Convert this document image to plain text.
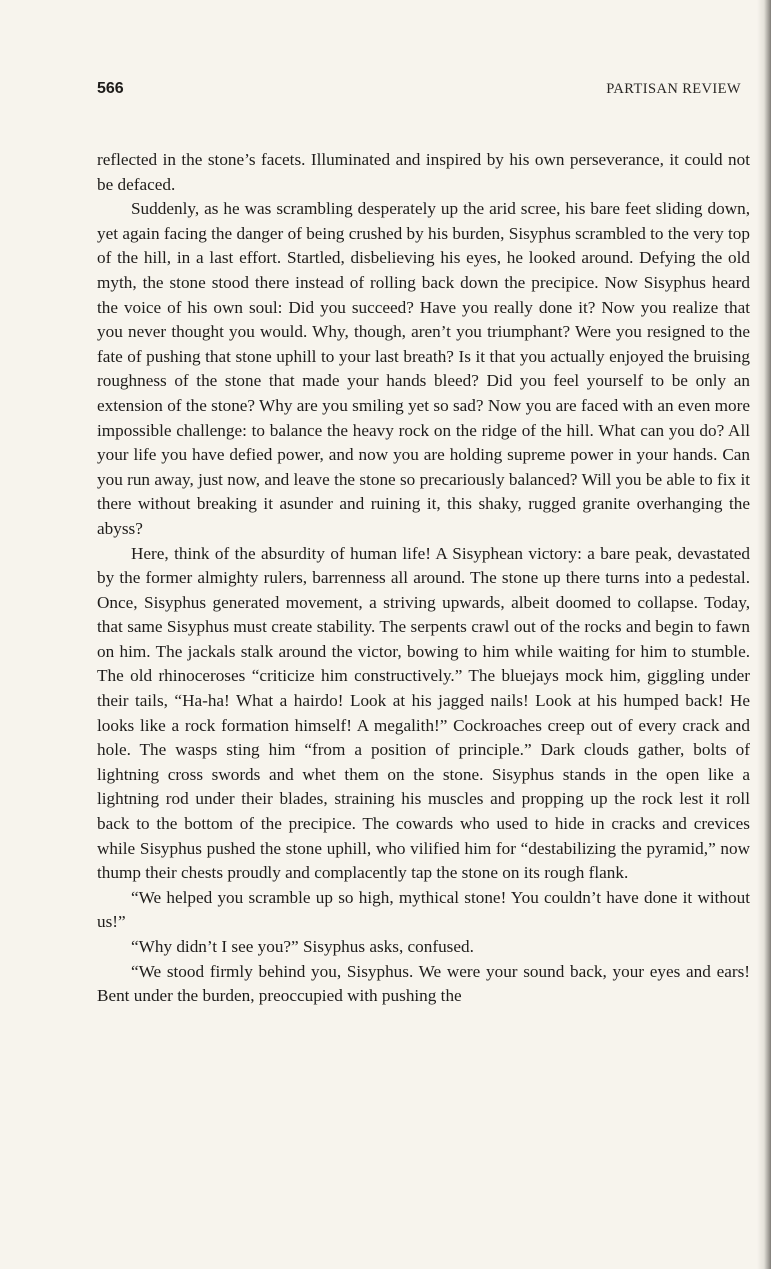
566	PARTISAN REVIEW

reflected in the stone’s facets. Illuminated and inspired by his own perseverance, it could not be defaced.

Suddenly, as he was scrambling desperately up the arid scree, his bare feet sliding down, yet again facing the danger of being crushed by his burden, Sisyphus scrambled to the very top of the hill, in a last effort. Startled, disbelieving his eyes, he looked around. Defying the old myth, the stone stood there instead of rolling back down the precipice. Now Sisyphus heard the voice of his own soul: Did you succeed? Have you really done it? Now you realize that you never thought you would. Why, though, aren’t you triumphant? Were you resigned to the fate of pushing that stone uphill to your last breath? Is it that you actually enjoyed the bruising roughness of the stone that made your hands bleed? Did you feel yourself to be only an extension of the stone? Why are you smiling yet so sad? Now you are faced with an even more impossible challenge: to balance the heavy rock on the ridge of the hill. What can you do? All your life you have defied power, and now you are holding supreme power in your hands. Can you run away, just now, and leave the stone so precariously balanced? Will you be able to fix it there without breaking it asunder and ruining it, this shaky, rugged granite overhanging the abyss?

Here, think of the absurdity of human life! A Sisyphean victory: a bare peak, devastated by the former almighty rulers, barrenness all around. The stone up there turns into a pedestal. Once, Sisyphus generated movement, a striving upwards, albeit doomed to collapse. Today, that same Sisyphus must create stability. The serpents crawl out of the rocks and begin to fawn on him. The jackals stalk around the victor, bowing to him while waiting for him to stumble. The old rhinoceroses “criticize him constructively.” The bluejays mock him, giggling under their tails, “Ha-ha! What a hairdo! Look at his jagged nails! Look at his humped back! He looks like a rock formation himself! A megalith!” Cockroaches creep out of every crack and hole. The wasps sting him “from a position of principle.” Dark clouds gather, bolts of lightning cross swords and whet them on the stone. Sisyphus stands in the open like a lightning rod under their blades, straining his muscles and propping up the rock lest it roll back to the bottom of the precipice. The cowards who used to hide in cracks and crevices while Sisyphus pushed the stone uphill, who vilified him for “destabilizing the pyramid,” now thump their chests proudly and complacently tap the stone on its rough flank.

“We helped you scramble up so high, mythical stone! You couldn’t have done it without us!”

“Why didn’t I see you?” Sisyphus asks, confused.

“We stood firmly behind you, Sisyphus. We were your sound back, your eyes and ears! Bent under the burden, preoccupied with pushing the
